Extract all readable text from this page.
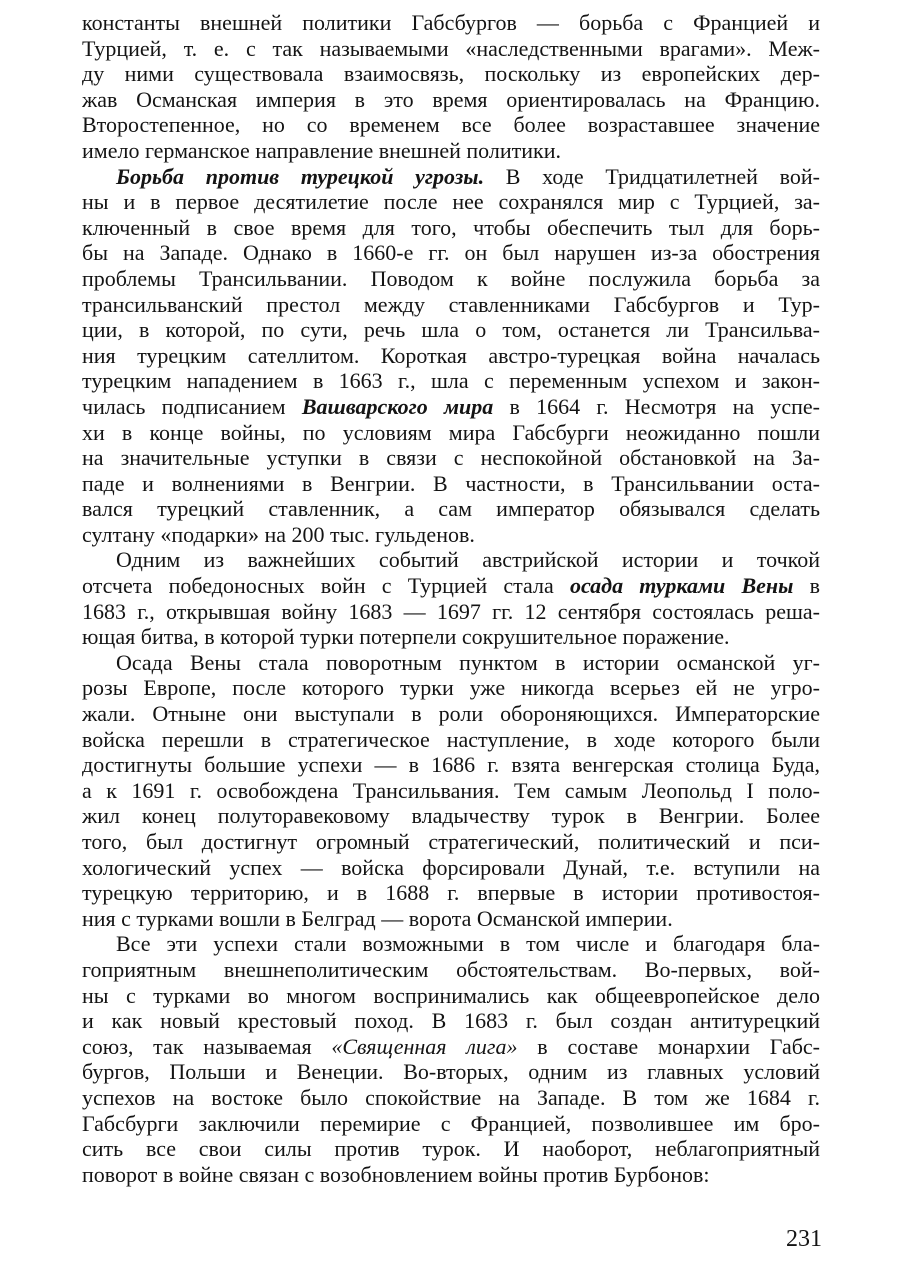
константы внешней политики Габсбургов — борьба с Францией и
Турцией, т. е. с так называемыми «наследственными врагами». Меж-
ду ними существовала взаимосвязь, поскольку из европейских дер-
жав Османская империя в это время ориентировалась на Францию.
Второстепенное, но со временем все более возраставшее значение
имело германское направление внешней политики.
Борьба против турецкой угрозы. В ходе Тридцатилетней вой-
ны и в первое десятилетие после нее сохранялся мир с Турцией, за-
ключенный в свое время для того, чтобы обеспечить тыл для борь-
бы на Западе. Однако в 1660-е гг. он был нарушен из-за обострения
проблемы Трансильвании. Поводом к войне послужила борьба за
трансильванский престол между ставленниками Габсбургов и Тур-
ции, в которой, по сути, речь шла о том, останется ли Трансильва-
ния турецким сателлитом. Короткая австро-турецкая война началась
турецким нападением в 1663 г., шла с переменным успехом и закон-
чилась подписанием Вашварского мира в 1664 г. Несмотря на успе-
хи в конце войны, по условиям мира Габсбурги неожиданно пошли
на значительные уступки в связи с неспокойной обстановкой на За-
паде и волнениями в Венгрии. В частности, в Трансильвании оста-
вался турецкий ставленник, а сам император обязывался сделать
султану «подарки» на 200 тыс. гульденов.
Одним из важнейших событий австрийской истории и точкой
отсчета победоносных войн с Турцией стала осада турками Вены в
1683 г., открывшая войну 1683 — 1697 гг. 12 сентября состоялась реша-
ющая битва, в которой турки потерпели сокрушительное поражение.
Осада Вены стала поворотным пунктом в истории османской уг-
розы Европе, после которого турки уже никогда всерьез ей не угро-
жали. Отныне они выступали в роли обороняющихся. Императорские
войска перешли в стратегическое наступление, в ходе которого были
достигнуты большие успехи — в 1686 г. взята венгерская столица Буда,
а к 1691 г. освобождена Трансильвания. Тем самым Леопольд I поло-
жил конец полуторавековому владычеству турок в Венгрии. Более
того, был достигнут огромный стратегический, политический и пси-
хологический успех — войска форсировали Дунай, т.е. вступили на
турецкую территорию, и в 1688 г. впервые в истории противостоя-
ния с турками вошли в Белград — ворота Османской империи.
Все эти успехи стали возможными в том числе и благодаря бла-
гоприятным внешнеполитическим обстоятельствам. Во-первых, вой-
ны с турками во многом воспринимались как общеевропейское дело
и как новый крестовый поход. В 1683 г. был создан антитурецкий
союз, так называемая «Священная лига» в составе монархии Габс-
бургов, Польши и Венеции. Во-вторых, одним из главных условий
успехов на востоке было спокойствие на Западе. В том же 1684 г.
Габсбурги заключили перемирие с Францией, позволившее им бро-
сить все свои силы против турок. И наоборот, неблагоприятный
поворот в войне связан с возобновлением войны против Бурбонов:
231
